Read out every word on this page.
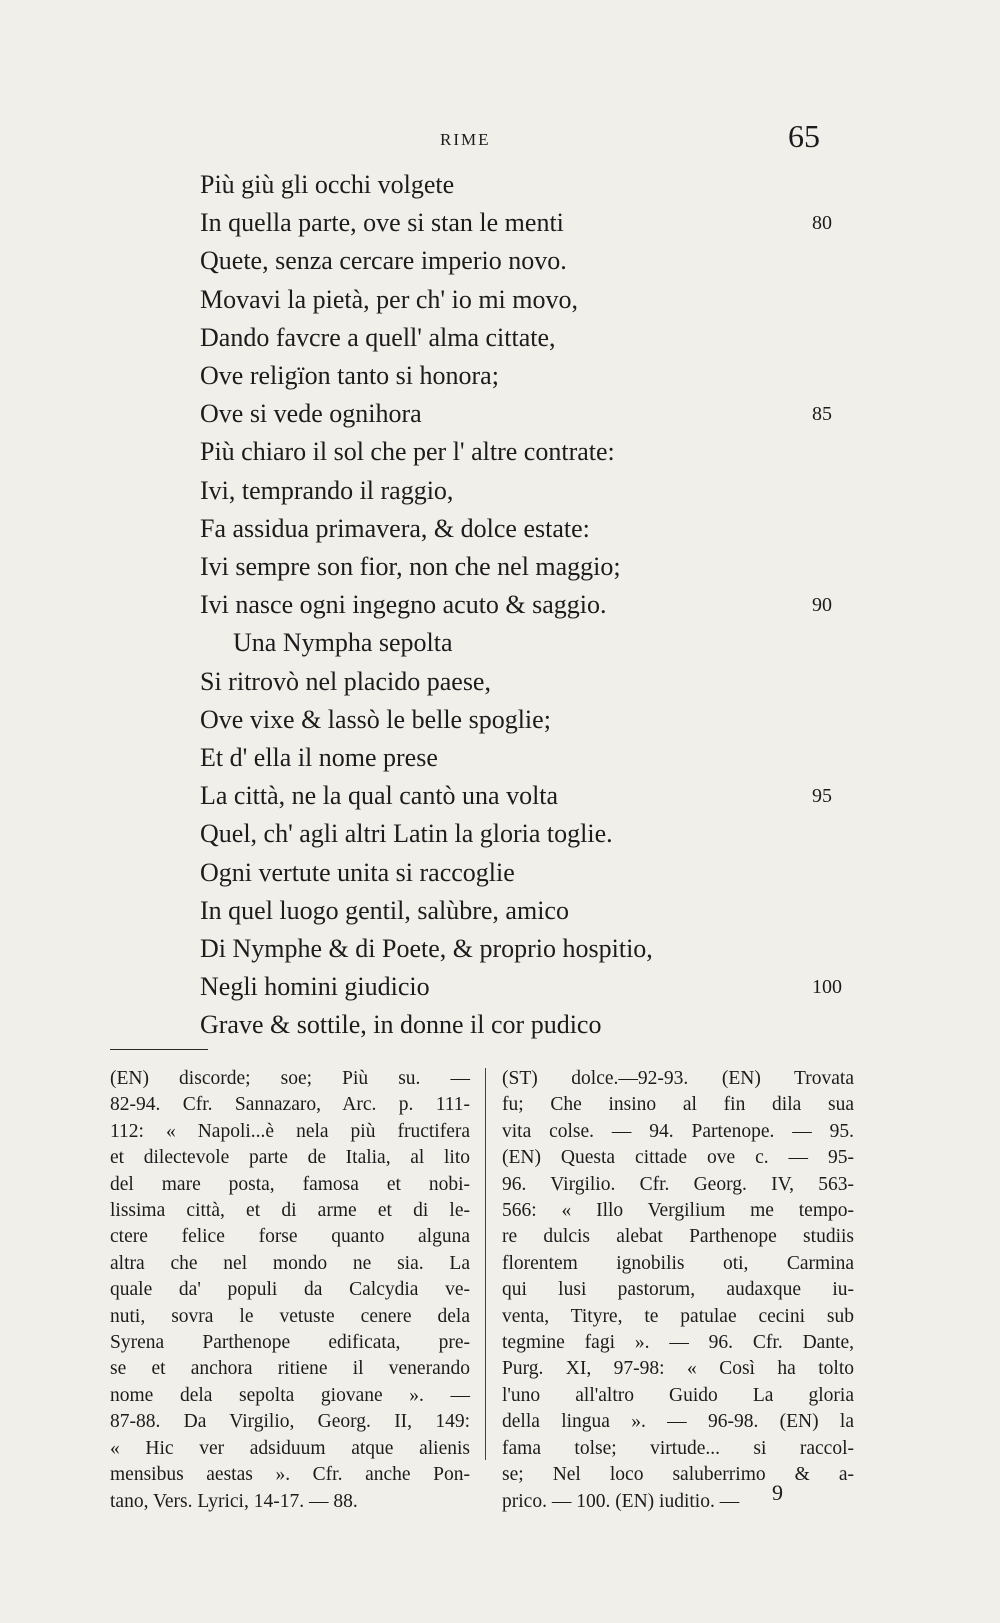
RIME	65
Più giù gli occhi volgete
In quella parte, ove si stan le menti	80
Quete, senza cercare imperio novo.
Movavi la pietà, per ch' io mi movo,
Dando favcre a quell' alma cittate,
Ove religïon tanto si honora;
Ove si vede ognihora	85
Più chiaro il sol che per l' altre contrate:
Ivi, temprando il raggio,
Fa assidua primavera, & dolce estate:
Ivi sempre son fior, non che nel maggio;
Ivi nasce ogni ingegno acuto & saggio.	90
Una Nympha sepolta
Si ritrovò nel placido paese,
Ove vixe & lassò le belle spoglie;
Et d' ella il nome prese
La città, ne la qual cantò una volta	95
Quel, ch' agli altri Latin la gloria toglie.
Ogni vertute unita si raccoglie
In quel luogo gentil, salùbre, amico
Di Nymphe & di Poete, & proprio hospitio,
Negli homini giudicio	100
Grave & sottile, in donne il cor pudico
(EN) discorde; soe; Più su. —
82-94. Cfr. Sannazaro, Arc. p. 111-
112: « Napoli...è nela più fructifera
et dilectevole parte de Italia, al lito
del mare posta, famosa et nobi-
lissima città, et di arme et di le-
ctere felice forse quanto alguna
altra che nel mondo ne sia. La
quale da' populi da Calcydia ve-
nuti, sovra le vetuste cenere dela
Syrena Parthenope edificata, pre-
se et anchora ritiene il venerando
nome dela sepolta giovane ». —
87-88. Da Virgilio, Georg. II, 149:
« Hic ver adsiduum atque alienis
mensibus aestas ». Cfr. anche Pon-
tano, Vers. Lyrici, 14-17. — 88.
(ST) dolce.—92-93. (EN) Trovata
fu; Che insino al fin dila sua
vita colse. — 94. Partenope. — 95.
(EN) Questa cittade ove c. — 95-
96. Virgilio. Cfr. Georg. IV, 563-
566: « Illo Vergilium me tempo-
re dulcis alebat Parthenope studiis
florentem ignobilis oti, Carmina
qui lusi pastorum, audaxque iu-
venta, Tityre, te patulae cecini sub
tegmine fagi ». — 96. Cfr. Dante,
Purg. XI, 97-98: « Così ha tolto
l'uno all'altro Guido La gloria
della lingua ». — 96-98. (EN) la
fama tolse; virtude... si raccol-
se; Nel loco saluberrimo & a-
prico. — 100. (EN) iuditio. —	9
